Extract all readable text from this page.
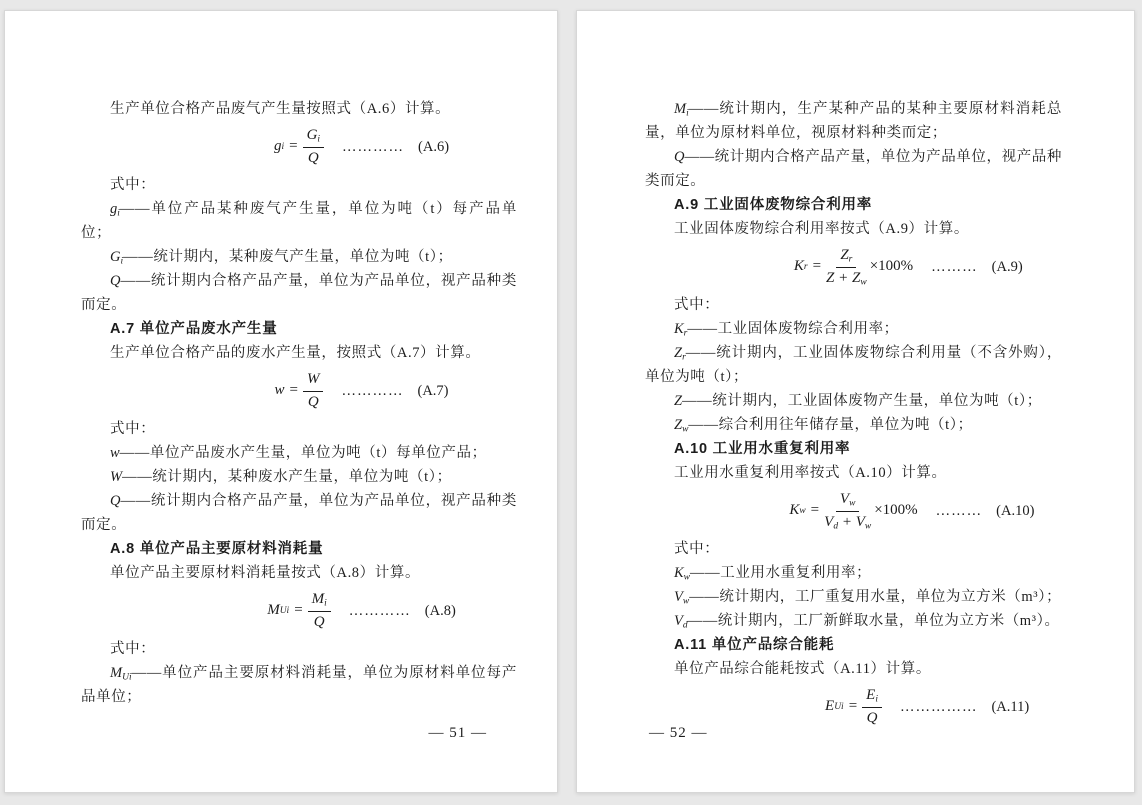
生产单位合格产品废气产生量按照式（A.6）计算。

g $i = \frac{G_i}{Q}$ ………… (A.6)

式中：

$g_i——$单位产品某种废气产生量，单位为吨（t）每产品单位；

$G_i——$统计期内，某种废气产生量，单位为吨（t）；

Q——统计期内合格产品产量，单位为产品单位，视产品种类而定。

A.7 单位产品废水产生量

生产单位合格产品的废水产生量，按照式（A.7）计算。

$w = \frac{W}{Q}$ ………… (A.7)

式中：

w——单位产品废水产生量，单位为吨（t）每单位产品；

W——统计期内，某种废水产生量，单位为吨（t）；

Q——统计期内合格产品产量，单位为产品单位，视产品种类而定。

A.8 单位产品主要原材料消耗量

单位产品主要原材料消耗量按式（A.8）计算。

M $Ui = \frac{M_i}{Q}$ ………… (A.8)

式中：

$M_{Ui}——$单位产品主要原材料消耗量，单位为原材料单位每产品单位；

— 51 —

$M_i——$统计期内，生产某种产品的某种主要原材料消耗总量，单位为原材料单位，视原材料种类而定；

Q——统计期内合格产品产量，单位为产品单位，视产品种类而定。

A.9 工业固体废物综合利用率

工业固体废物综合利用率按式（A.9）计算。

K $r = \frac{Z_r}{Z + Z_w} \times 100\%$ ……… (A.9)

式中：

$K_r——$工业固体废物综合利用率；

$Z_r——$统计期内，工业固体废物综合利用量（不含外购），单位为吨（t）；

Z——统计期内，工业固体废物产生量，单位为吨（t）；

$Z_w——$综合利用往年储存量，单位为吨（t）；

A.10 工业用水重复利用率

工业用水重复利用率按式（A.10）计算。

K $w = \frac{V_w}{V_d + V_w} \times 100\%$ ……… (A.10)

式中：

$K_w——$工业用水重复利用率；

$V_w——$统计期内，工厂重复用水量，单位为立方米（m³）；

$V_d——$统计期内，工厂新鲜取水量，单位为立方米（m³）。

A.11 单位产品综合能耗

单位产品综合能耗按式（A.11）计算。

E $Ui = \frac{E_i}{Q}$ …………… (A.11)
— 52 —
